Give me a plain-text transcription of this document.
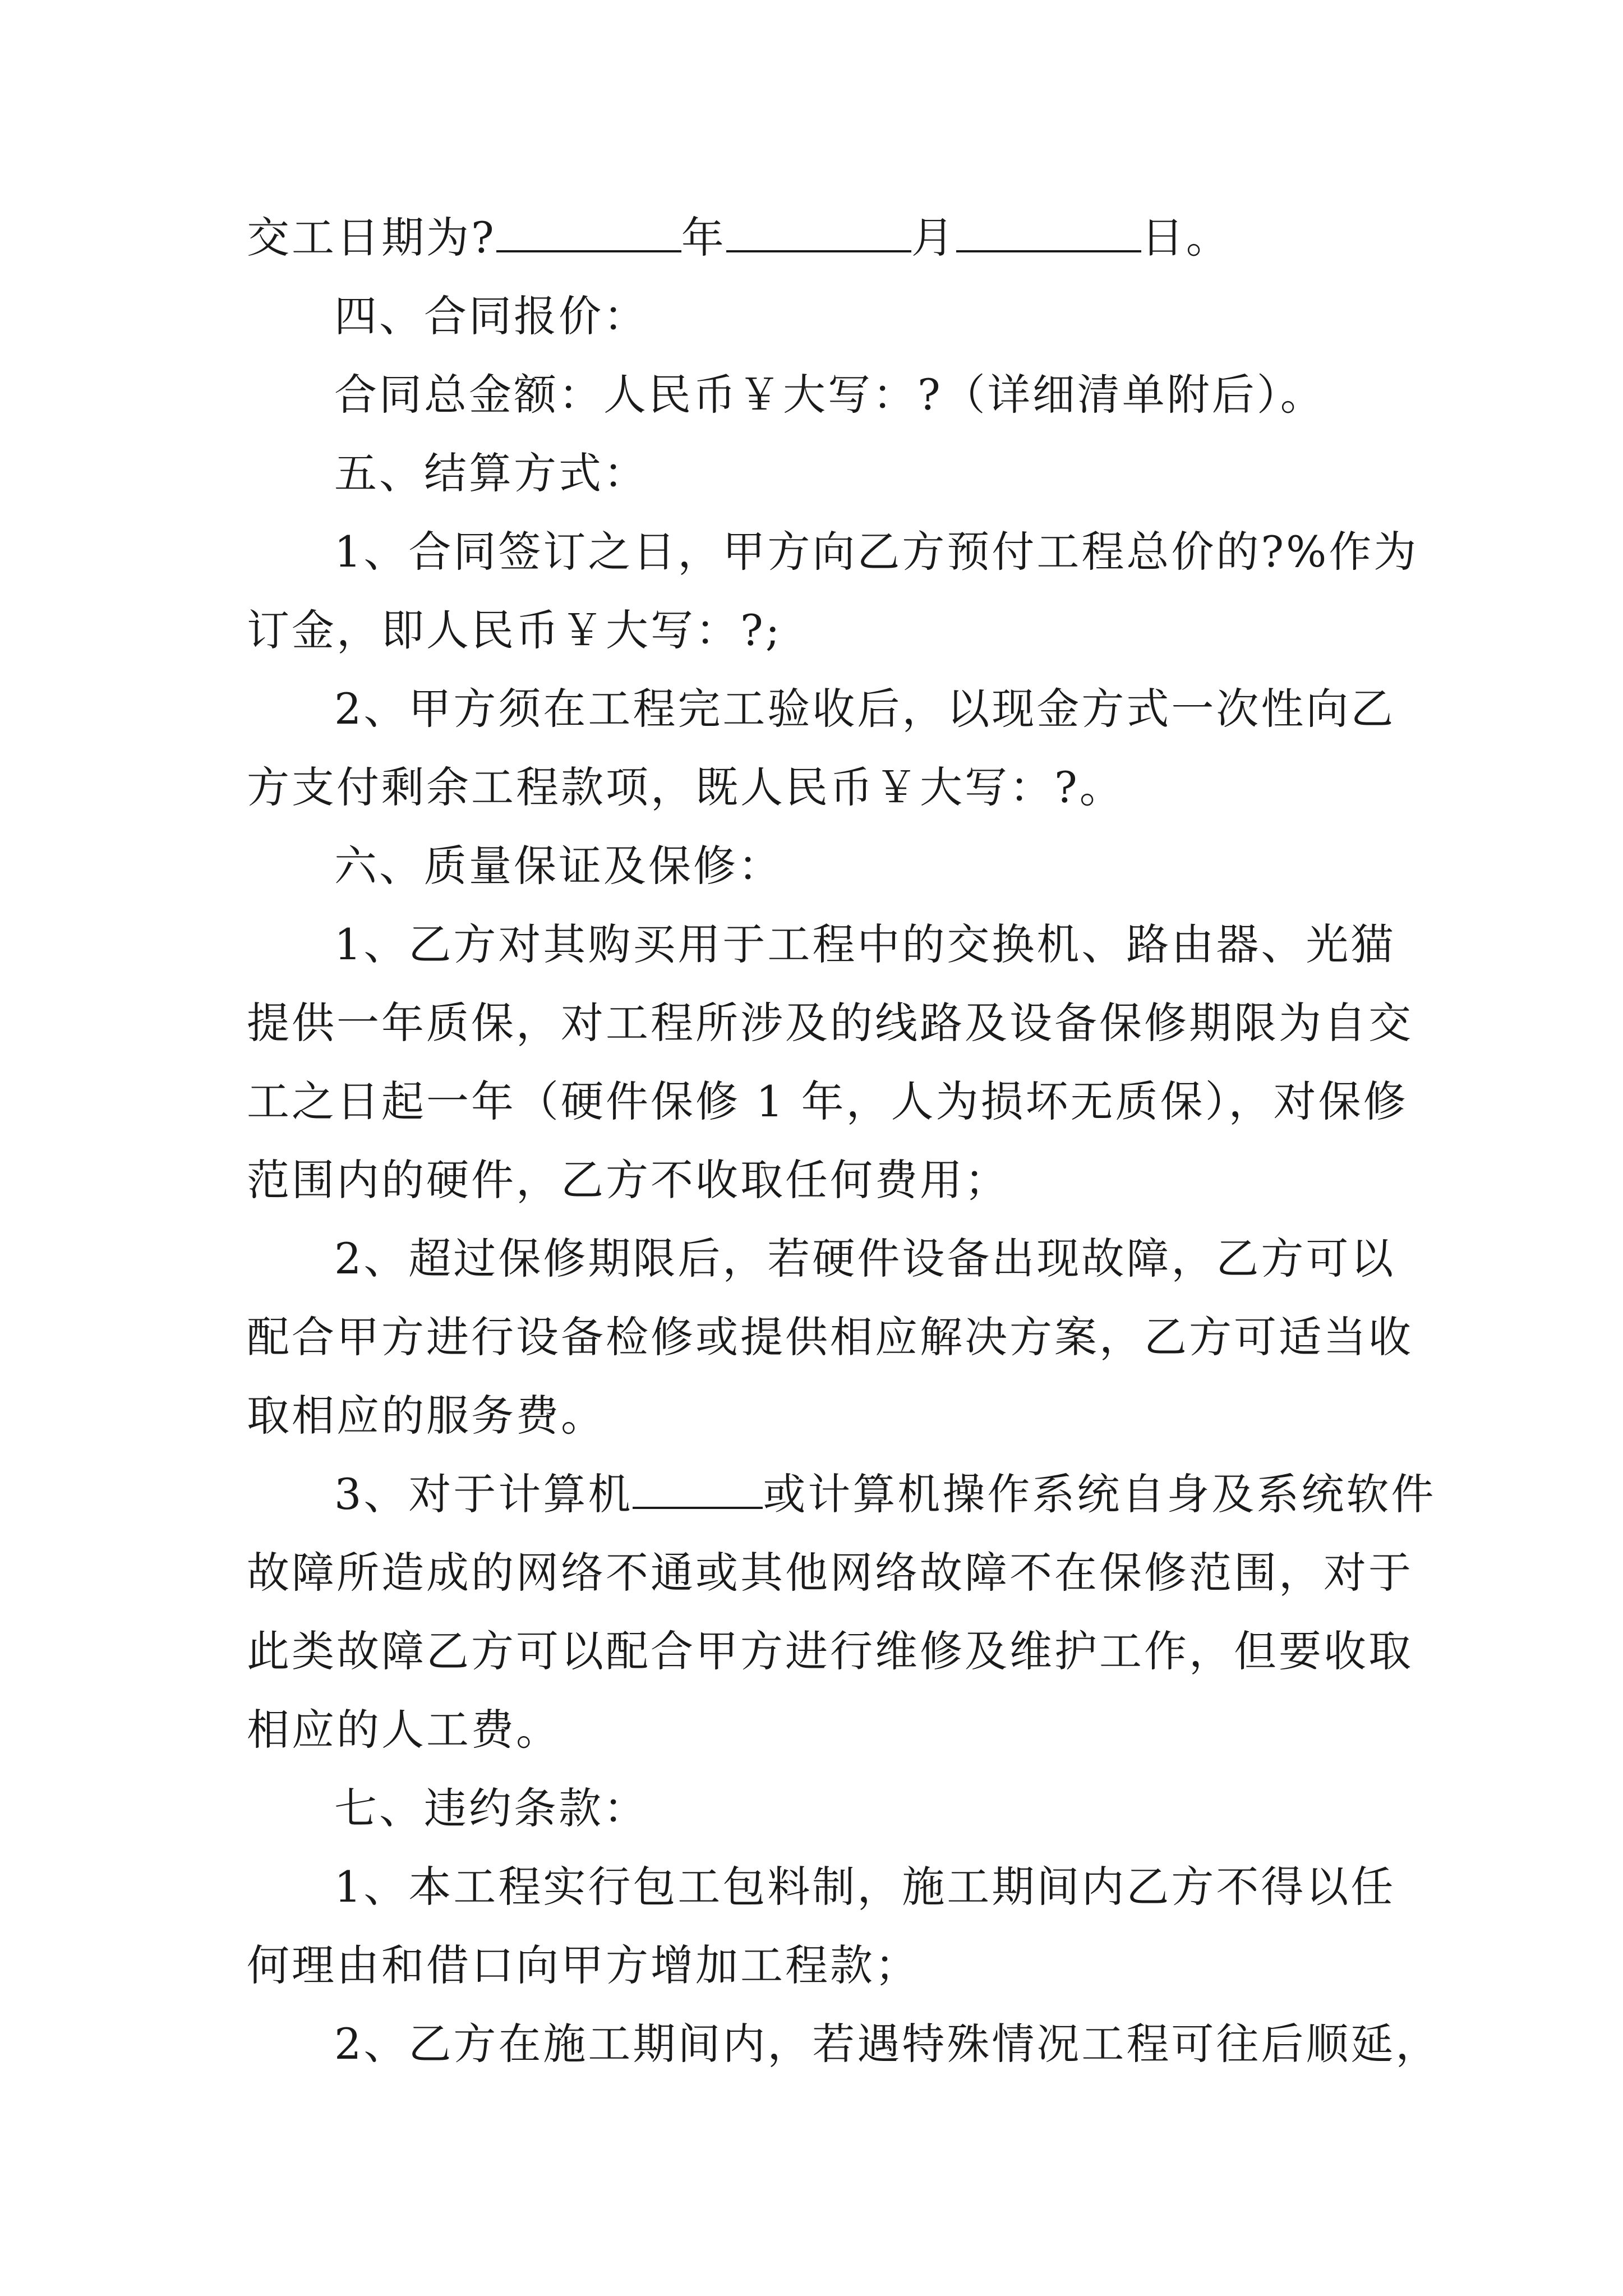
交工日期为?	年	月	日。
四、合同报价：
合同总金额：人民币￥大写：?（详细清单附后）。
五、结算方式：
1、合同签订之日，甲方向乙方预付工程总价的?%作为
订金，即人民币￥大写：?;
2、甲方须在工程完工验收后，以现金方式一次性向乙
方支付剩余工程款项，既人民币￥大写：?。
六、质量保证及保修：
1、乙方对其购买用于工程中的交换机、路由器、光猫
提供一年质保，对工程所涉及的线路及设备保修期限为自交
工之日起一年（硬件保修 1 年，人为损坏无质保），对保修
范围内的硬件，乙方不收取任何费用；
2、超过保修期限后，若硬件设备出现故障，乙方可以
配合甲方进行设备检修或提供相应解决方案，乙方可适当收
取相应的服务费。
3、对于计算机	或计算机操作系统自身及系统软件
故障所造成的网络不通或其他网络故障不在保修范围，对于
此类故障乙方可以配合甲方进行维修及维护工作，但要收取
相应的人工费。
七、违约条款：
1、本工程实行包工包料制，施工期间内乙方不得以任
何理由和借口向甲方增加工程款；
2、乙方在施工期间内，若遇特殊情况工程可往后顺延，
